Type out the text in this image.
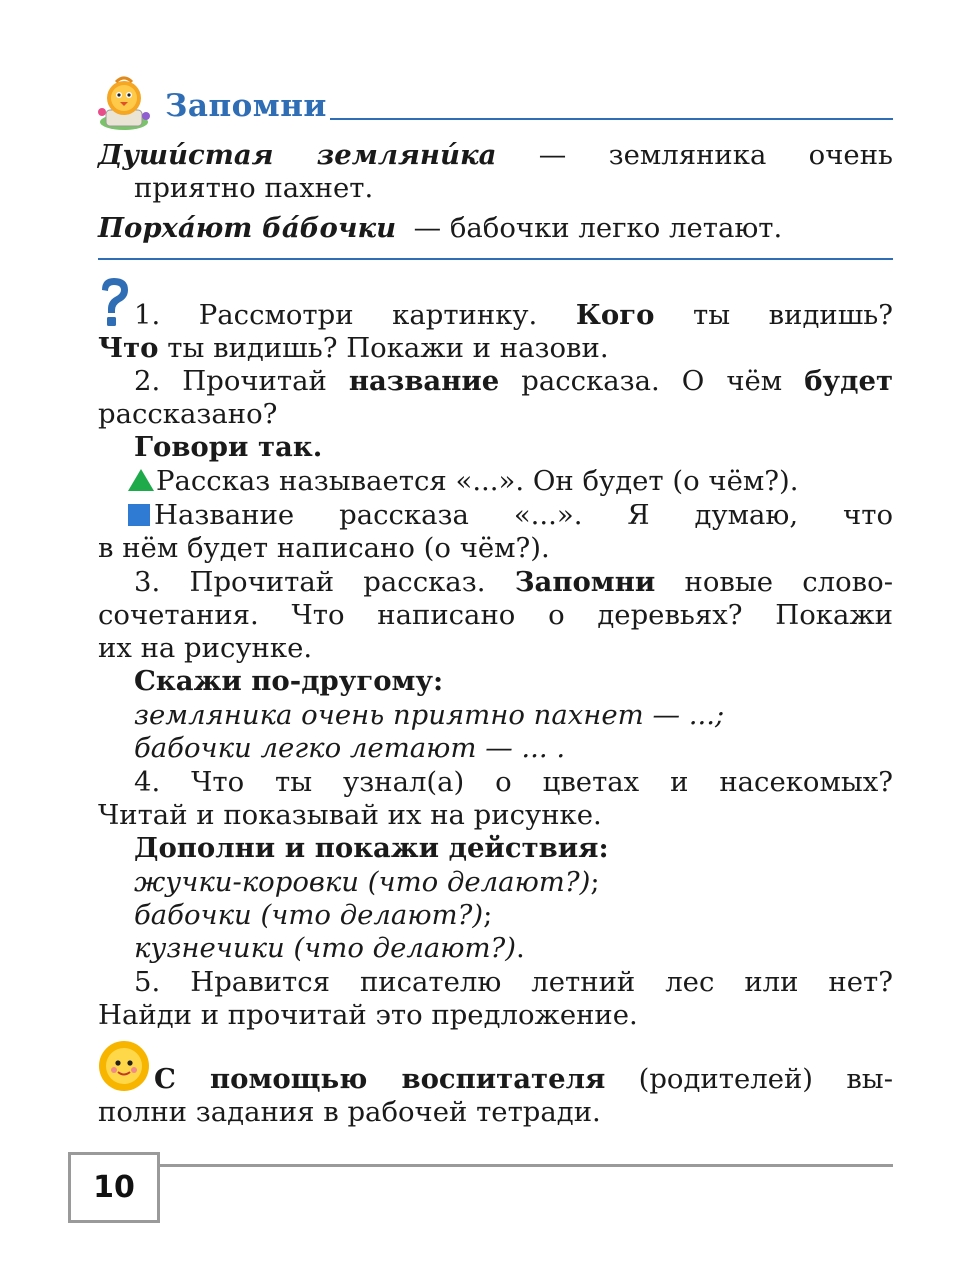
Запомни
Души́стая земляни́ка — земляника очень
приятно пахнет.
Порха́ют ба́бочки — бабочки легко летают.
1. Рассмотри картинку. Кого ты видишь?
Что ты видишь? Покажи и назови.
2. Прочитай название рассказа. О чём будет
рассказано?
Говори так.
Рассказ называется «...». Он будет (о чём?).
Название рассказа «...». Я думаю, что
в нём будет написано (о чём?).
3. Прочитай рассказ. Запомни новые слово-
сочетания. Что написано о деревьях? Покажи
их на рисунке.
Скажи по-другому:
земляника очень приятно пахнет — ...;
бабочки легко летают — ... .
4. Что ты узнал(а) о цветах и насекомых?
Читай и показывай их на рисунке.
Дополни и покажи действия:
жучки-коровки (что делают?);
бабочки (что делают?);
кузнечики (что делают?).
5. Нравится писателю летний лес или нет?
Найди и прочитай это предложение.
С помощью воспитателя (родителей) вы-
полни задания в рабочей тетради.
10
